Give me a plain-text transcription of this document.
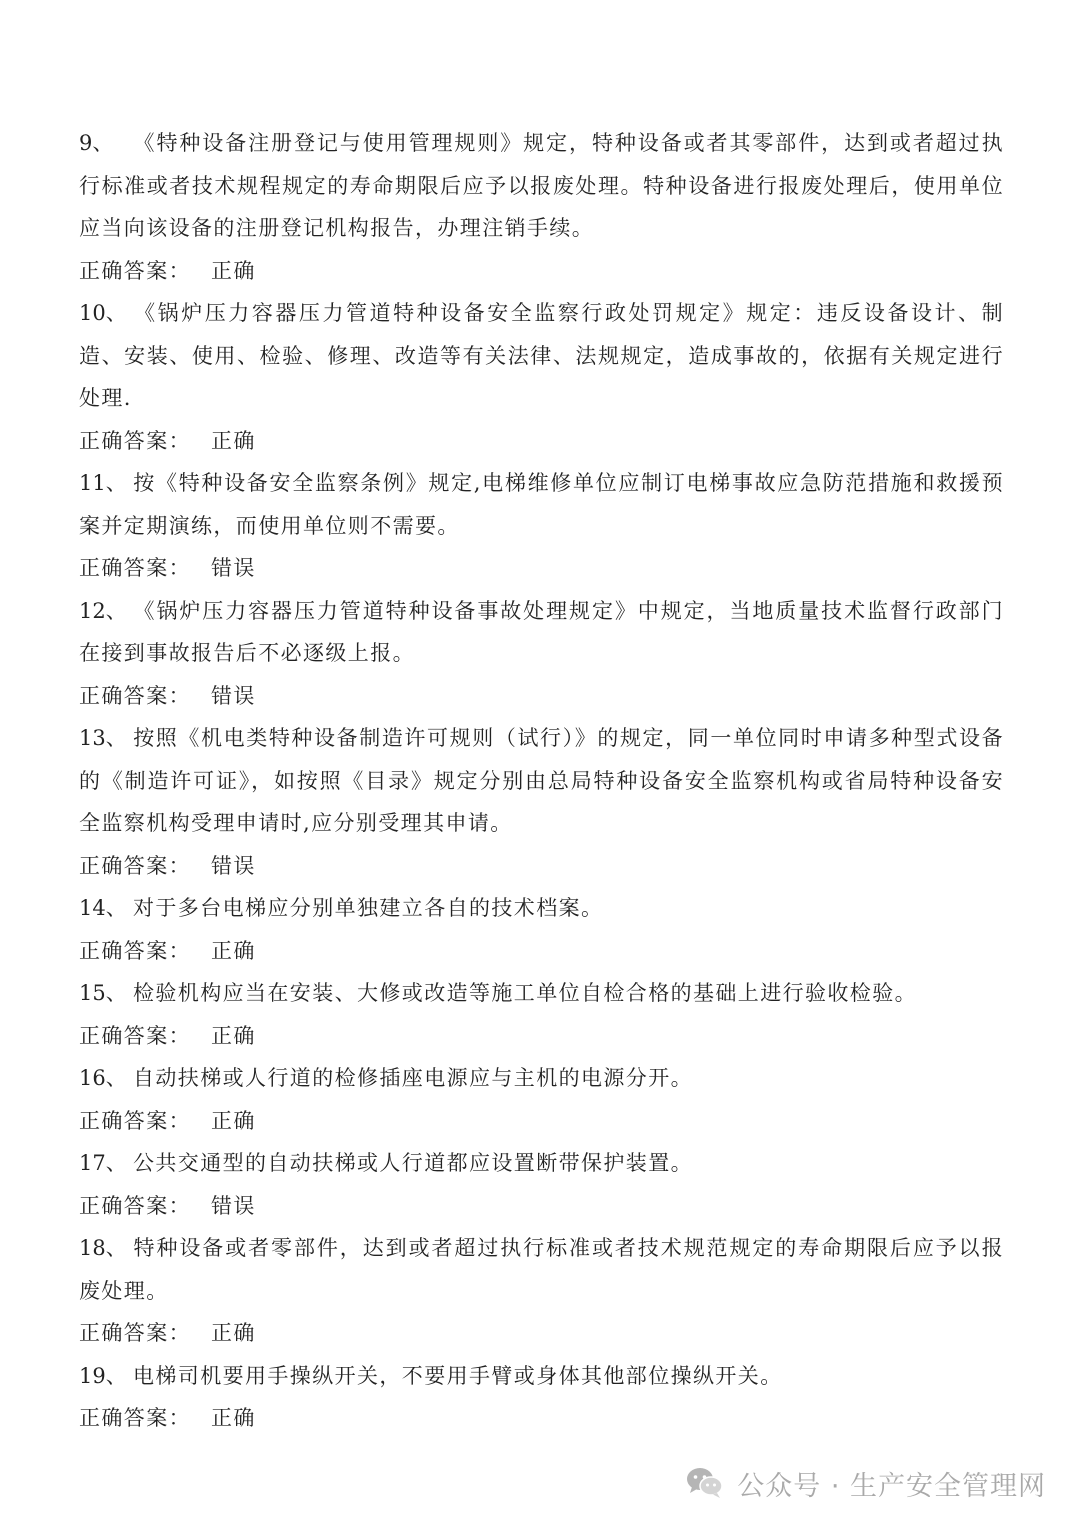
9、 《特种设备注册登记与使用管理规则》规定，特种设备或者其零部件，达到或者超过执行标准或者技术规程规定的寿命期限后应予以报废处理。特种设备进行报废处理后，使用单位应当向该设备的注册登记机构报告，办理注销手续。

正确答案： 正确

10、 《锅炉压力容器压力管道特种设备安全监察行政处罚规定》规定：违反设备设计、制造、安装、使用、检验、修理、改造等有关法律、法规规定，造成事故的，依据有关规定进行处理.

正确答案： 正确

11、 按《特种设备安全监察条例》规定,电梯维修单位应制订电梯事故应急防范措施和救援预案并定期演练，而使用单位则不需要。

正确答案： 错误

12、 《锅炉压力容器压力管道特种设备事故处理规定》中规定，当地质量技术监督行政部门在接到事故报告后不必逐级上报。

正确答案： 错误

13、 按照《机电类特种设备制造许可规则（试行）》的规定，同一单位同时申请多种型式设备的《制造许可证》，如按照《目录》规定分别由总局特种设备安全监察机构或省局特种设备安全监察机构受理申请时,应分别受理其申请。

正确答案： 错误

14、 对于多台电梯应分别单独建立各自的技术档案。

正确答案： 正确

15、 检验机构应当在安装、大修或改造等施工单位自检合格的基础上进行验收检验。

正确答案： 正确

16、 自动扶梯或人行道的检修插座电源应与主机的电源分开。

正确答案： 正确

17、 公共交通型的自动扶梯或人行道都应设置断带保护装置。

正确答案： 错误

18、 特种设备或者零部件，达到或者超过执行标准或者技术规范规定的寿命期限后应予以报废处理。

正确答案： 正确

19、 电梯司机要用手操纵开关，不要用手臂或身体其他部位操纵开关。

正确答案： 正确

公众号 · 生产安全管理网
